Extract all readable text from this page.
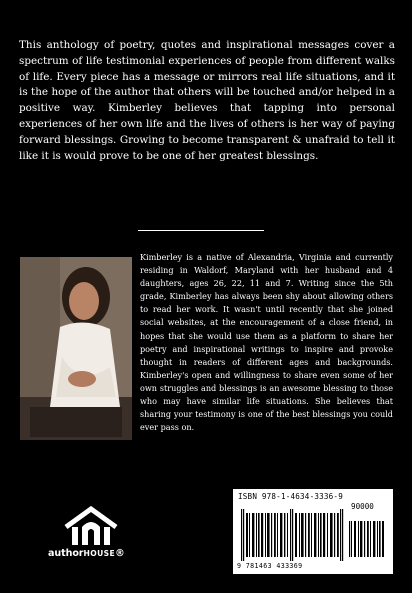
This anthology of poetry, quotes and inspirational messages cover a spectrum of life testimonial experiences of people from different walks of life. Every piece has a message or mirrors real life situations, and it is the hope of the author that others will be touched and/or helped in a positive way. Kimberley believes that tapping into personal experiences of her own life and the lives of others is her way of paying forward blessings. Growing to become transparent & unafraid to tell it like it is would prove to be one of her greatest blessings.

Kimberley is a native of Alexandria, Virginia and currently residing in Waldorf, Maryland with her husband and 4 daughters, ages 26, 22, 11 and 7. Writing since the 5th grade, Kimberley has always been shy about allowing others to read her work. It wasn't until recently that she joined social websites, at the encouragement of a close friend, in hopes that she would use them as a platform to share her poetry and inspirational writings to inspire and provoke thought in readers of different ages and backgrounds. Kimberley's open and willingness to share even some of her own struggles and blessings is an awesome blessing to those who may have similar life situations. She believes that sharing your testimony is one of the best blessings you could ever pass on.

authorHOUSE®
ISBN 978-1-4634-3336-9
90000
9 781463 433369
